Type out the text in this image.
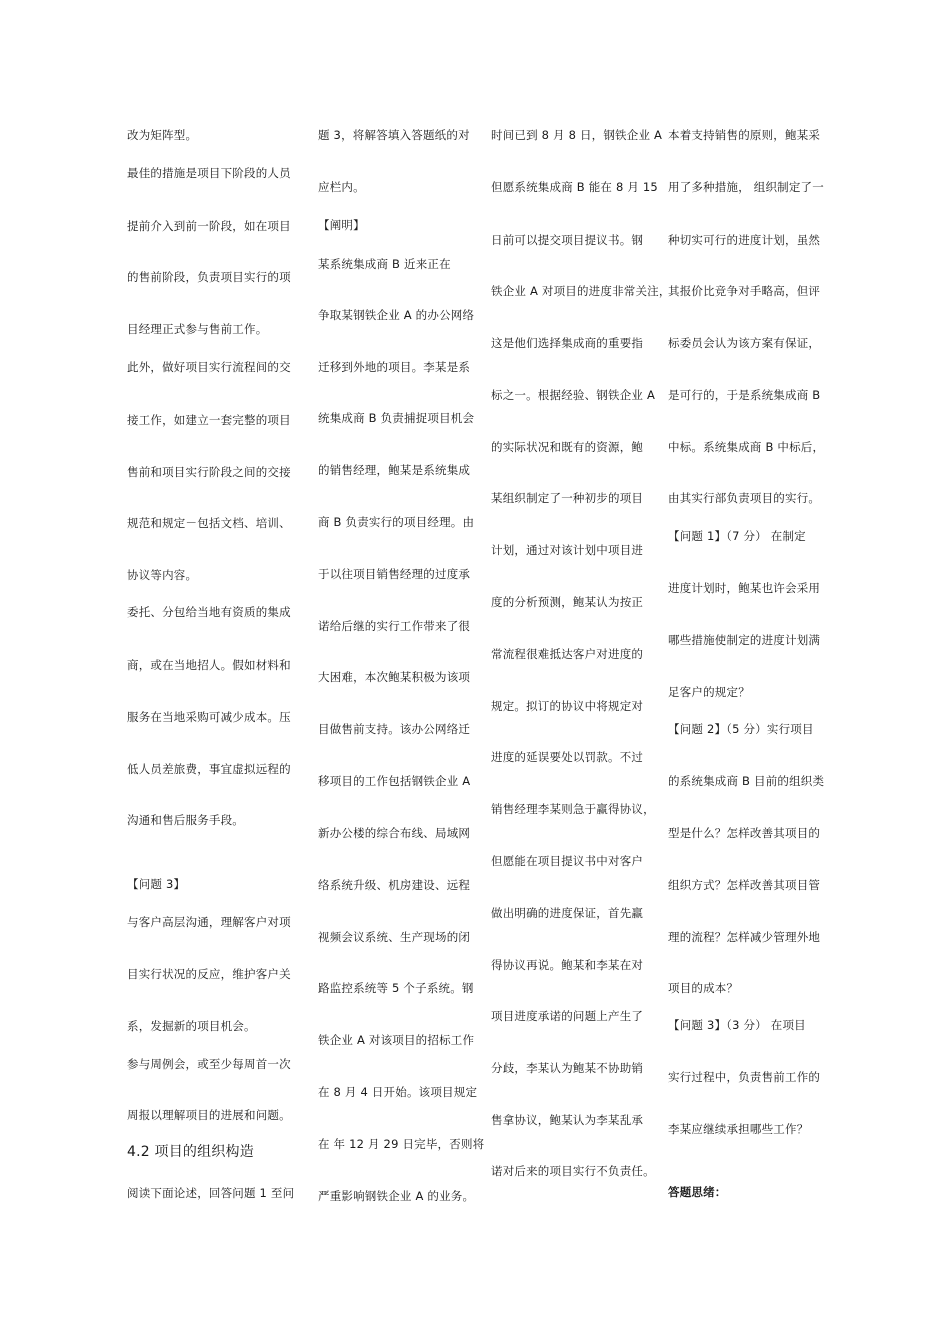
改为矩阵型。
最佳的措施是项目下阶段的人员
提前介入到前一阶段，如在项目
的售前阶段，负责项目实行的项
目经理正式参与售前工作。
此外，做好项目实行流程间的交
接工作，如建立一套完整的项目
售前和项目实行阶段之间的交接
规范和规定－包括文档、培训、
协议等内容。
委托、分包给当地有资质的集成
商，或在当地招人。假如材料和
服务在当地采购可减少成本。压
低人员差旅费，事宜虚拟远程的
沟通和售后服务手段。
【问题 3】
与客户高层沟通，理解客户对项
目实行状况的反应，维护客户关
系，发掘新的项目机会。
参与周例会，或至少每周首一次
周报以理解项目的进展和问题。
4.2 项目的组织构造
阅读下面论述，回答问题 1 至问
题 3，将解答填入答题纸的对
应栏内。
【阐明】
某系统集成商 B 近来正在
争取某钢铁企业 A 的办公网络
迁移到外地的项目。李某是系
统集成商 B 负责捕捉项目机会
的销售经理，鲍某是系统集成
商 B 负责实行的项目经理。由
于以往项目销售经理的过度承
诺给后继的实行工作带来了很
大困难，本次鲍某积极为该项
目做售前支持。该办公网络迁
移项目的工作包括钢铁企业 A
新办公楼的综合布线、局域网
络系统升级、机房建设、远程
视频会议系统、生产现场的闭
路监控系统等 5 个子系统。钢
铁企业 A 对该项目的招标工作
在 8 月 4 日开始。该项目规定
在 年 12 月 29 日完毕，否则将
严重影响钢铁企业 A 的业务。
时间已到 8 月 8 日，钢铁企业 A
但愿系统集成商 B 能在 8 月 15
日前可以提交项目提议书。钢
铁企业 A 对项目的进度非常关注，
这是他们选择集成商的重要指
标之一。根据经验、钢铁企业 A
的实际状况和既有的资源，鲍
某组织制定了一种初步的项目
计划，通过对该计划中项目进
度的分析预测，鲍某认为按正
常流程很难抵达客户对进度的
规定。拟订的协议中将规定对
进度的延误要处以罚款。不过
销售经理李某则急于赢得协议，
但愿能在项目提议书中对客户
做出明确的进度保证，首先赢
得协议再说。鲍某和李某在对
项目进度承诺的问题上产生了
分歧，李某认为鲍某不协助销
售拿协议，鲍某认为李某乱承
诺对后来的项目实行不负责任。
本着支持销售的原则，鲍某采
用了多种措施， 组织制定了一
种切实可行的进度计划，虽然
其报价比竞争对手略高，但评
标委员会认为该方案有保证，
是可行的，于是系统集成商 B
中标。系统集成商 B 中标后，
由其实行部负责项目的实行。
【问题 1】（7 分） 在制定
进度计划时，鲍某也许会采用
哪些措施使制定的进度计划满
足客户的规定？
【问题 2】（5 分）实行项目
的系统集成商 B 目前的组织类
型是什么？怎样改善其项目的
组织方式？怎样改善其项目管
理的流程？怎样减少管理外地
项目的成本？
【问题 3】（3 分） 在项目
实行过程中，负责售前工作的
李某应继续承担哪些工作？
答题思绪：
